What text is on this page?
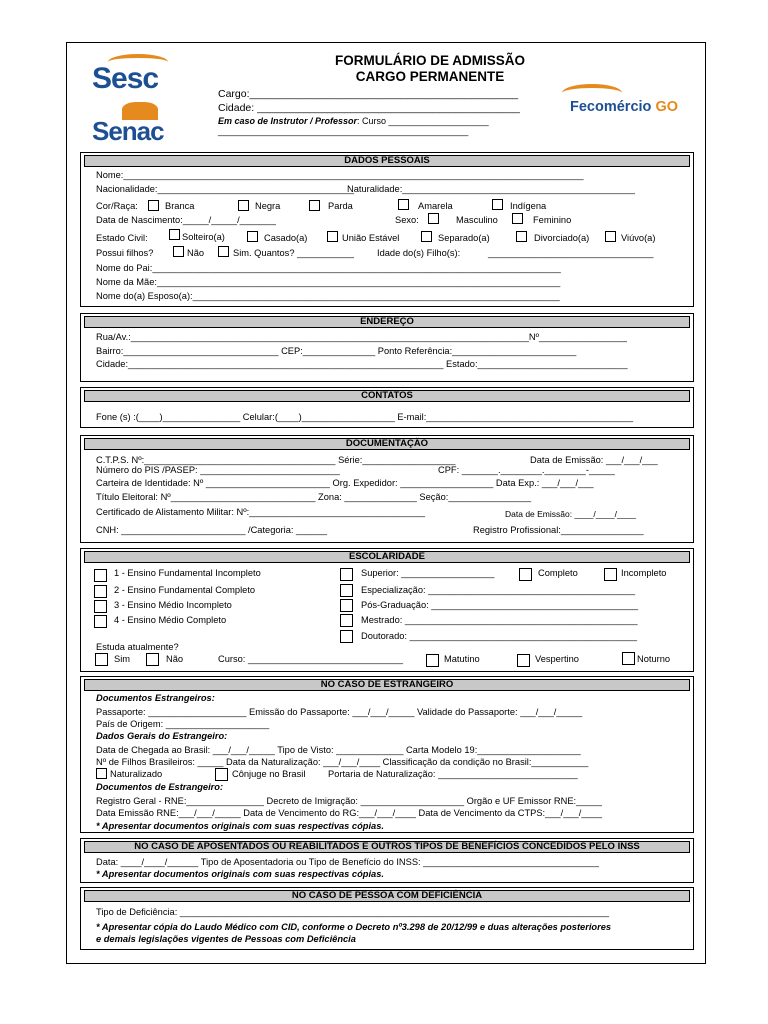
Sesc
Senac
Fecomércio GO
FORMULÁRIO DE ADMISSÃO
CARGO PERMANENTE
Cargo:______________________________________________
Cidade: _____________________________________________
Em caso de Instrutor / Professor: Curso ____________________
__________________________________________________
DADOS PESSOAIS
Nome:_________________________________________________________________________________________
Nacionalidade:______________________________________
Naturalidade:_____________________________________________
Cor/Raça:	Branca	Negra	Parda	Amarela	Indígena
Data de Nascimento:_____/_____/_______	Sexo:	Masculino	Feminino
Estado Civil:	Solteiro(a)	Casado(a)	União Estável	Separado(a)	Divorciado(a)	Viúvo(a)
Possui filhos?	Não	Sim. Quantos? ___________ Idade do(s) Filho(s):	________________________________
Nome do Pai:_______________________________________________________________________________
Nome da Mãe:______________________________________________________________________________
Nome do(a) Esposo(a):_______________________________________________________________________
ENDEREÇO
Rua/Av.:_____________________________________________________________________________Nº_________________
Bairro:______________________________ CEP:______________ Ponto Referência:________________________
Cidade:_____________________________________________________________ Estado:_____________________________
CONTATOS
Fone (s) :(____)_______________ Celular:(____)__________________ E-mail:________________________________________
DOCUMENTAÇÃO
C.T.P.S. Nº:_____________________________________ Série:__________________	Data de Emissão: ___/___/___
Número do PIS /PASEP: ___________________________	CPF: _______.________.________-_____
Carteira de Identidade: Nº ________________________ Org. Expedidor: __________________ Data Exp.: ___/___/___
Título Eleitoral: Nº____________________________ Zona: ______________ Seção:________________
Certificado de Alistamento Militar: Nº:__________________________________	Data de Emissão: ____/____/____
CNH: ________________________ /Categoria: ______	Registro Profissional:________________
ESCOLARIDADE
1 - Ensino Fundamental Incompleto
2 - Ensino Fundamental Completo
3 - Ensino Médio Incompleto
4 - Ensino Médio Completo
Superior: __________________	Completo	Incompleto
Especialização: ________________________________________
Pós-Graduação: ________________________________________
Mestrado: _____________________________________________
Doutorado: ____________________________________________
Estuda atualmente?
Sim	Não	Curso: ______________________________	Matutino	Vespertino	Noturno
NO CASO DE ESTRANGEIRO
Documentos Estrangeiros:
Passaporte: ___________________ Emissão do Passaporte: ___/___/_____ Validade do Passaporte: ___/___/_____
País de Origem: ____________________
Dados Gerais do Estrangeiro:
Data de Chegada ao Brasil: ___/___/_____ Tipo de Visto: _____________ Carta Modelo 19:____________________
Nº de Filhos Brasileiros: _____ Data da Naturalização: ___/___/____ Classificação da condição no Brasil:___________
Naturalizado	Cônjuge no Brasil Portaria de Naturalização: ___________________________
Documentos de Estrangeiro:
Registro Geral - RNE:_______________ Decreto de Imigração: ____________________ Orgão e UF Emissor RNE:_____
Data Emissão RNE:___/___/_____ Data de Vencimento do RG:___/___/____ Data de Vencimento da CTPS:___/___/____
* Apresentar documentos originais com suas respectivas cópias.
NO CASO DE APOSENTADOS OU REABILITADOS E OUTROS TIPOS DE BENEFÍCIOS CONCEDIDOS PELO INSS
Data: ____/____/______ Tipo de Aposentadoria ou Tipo de Benefício do INSS: __________________________________
* Apresentar documentos originais com suas respectivas cópias.
NO CASO DE PESSOA COM DEFICIÊNCIA
Tipo de Deficiência: ___________________________________________________________________________________
* Apresentar cópia do Laudo Médico com CID, conforme o Decreto nº3.298 de 20/12/99 e duas alterações posteriores
e demais legislações vigentes de Pessoas com Deficiência
